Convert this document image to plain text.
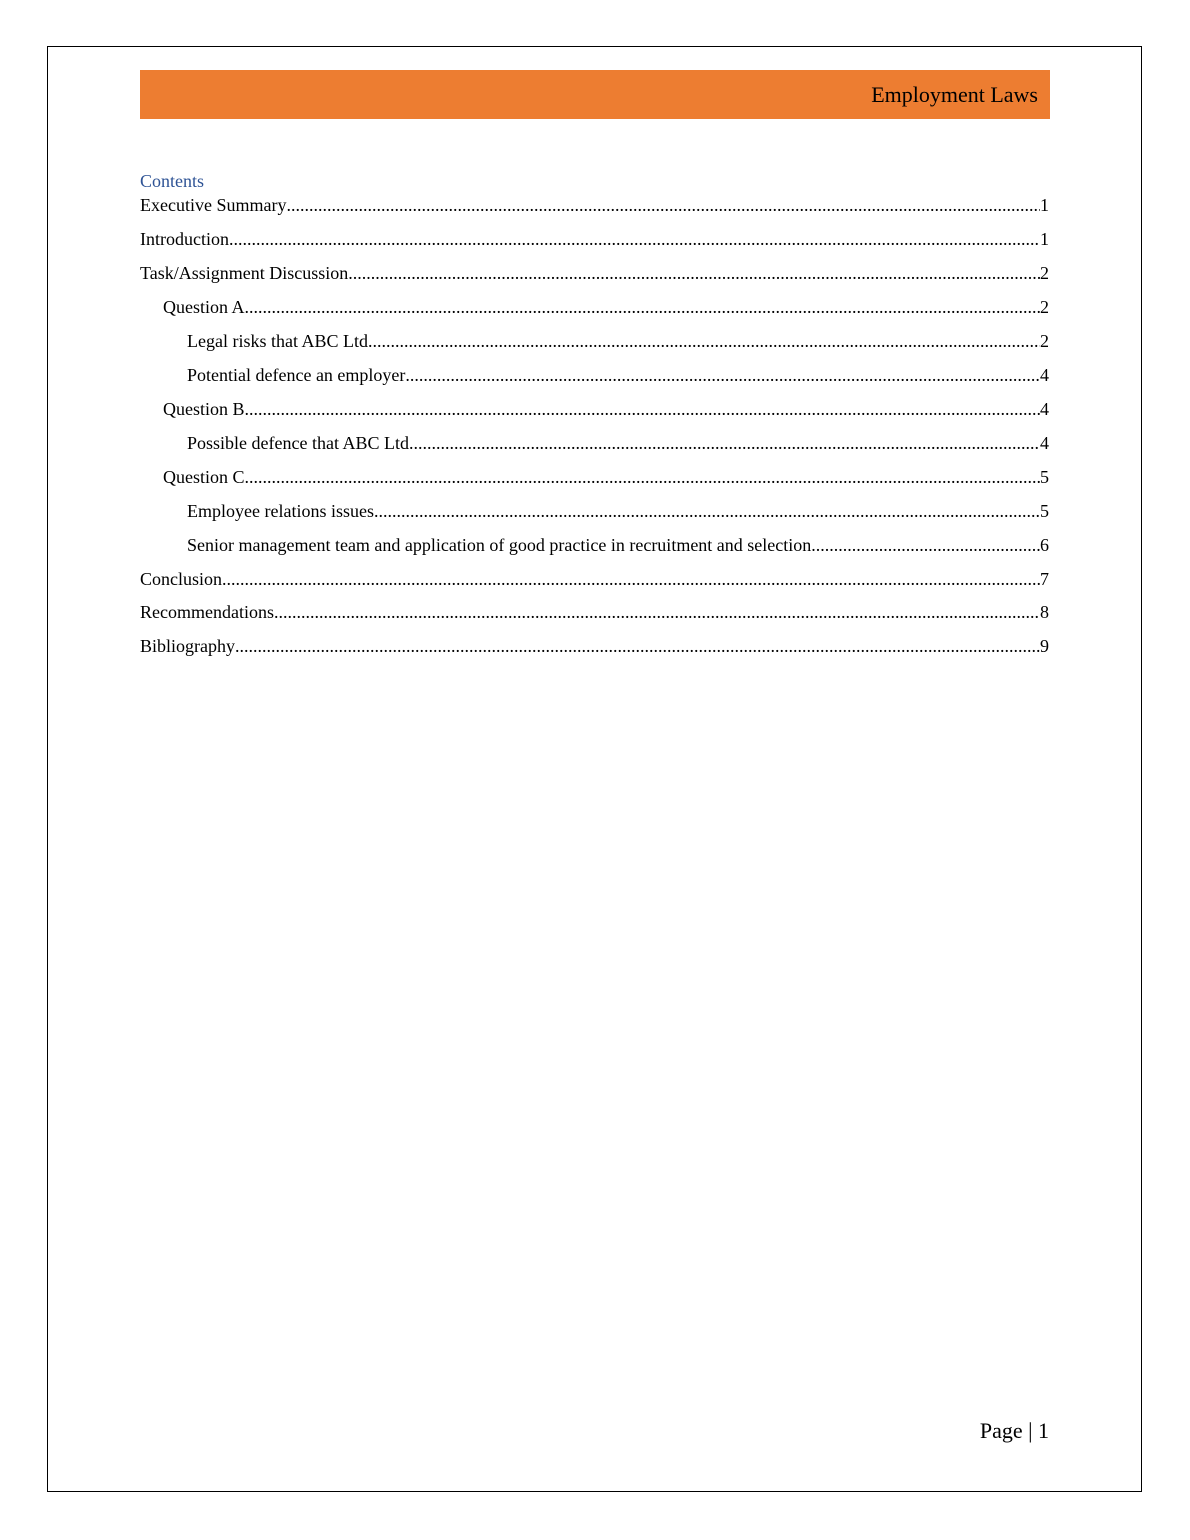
Employment Laws
Contents
Executive Summary .....	1
Introduction .....	1
Task/Assignment Discussion .....	2
Question A .....	2
Legal risks that ABC Ltd .....	2
Potential defence an employer .....	4
Question B .....	4
Possible defence that ABC Ltd .....	4
Question C .....	5
Employee relations issues .....	5
Senior management team and application of good practice in recruitment and selection .....	6
Conclusion .....	7
Recommendations .....	8
Bibliography .....	9
Page | 1
